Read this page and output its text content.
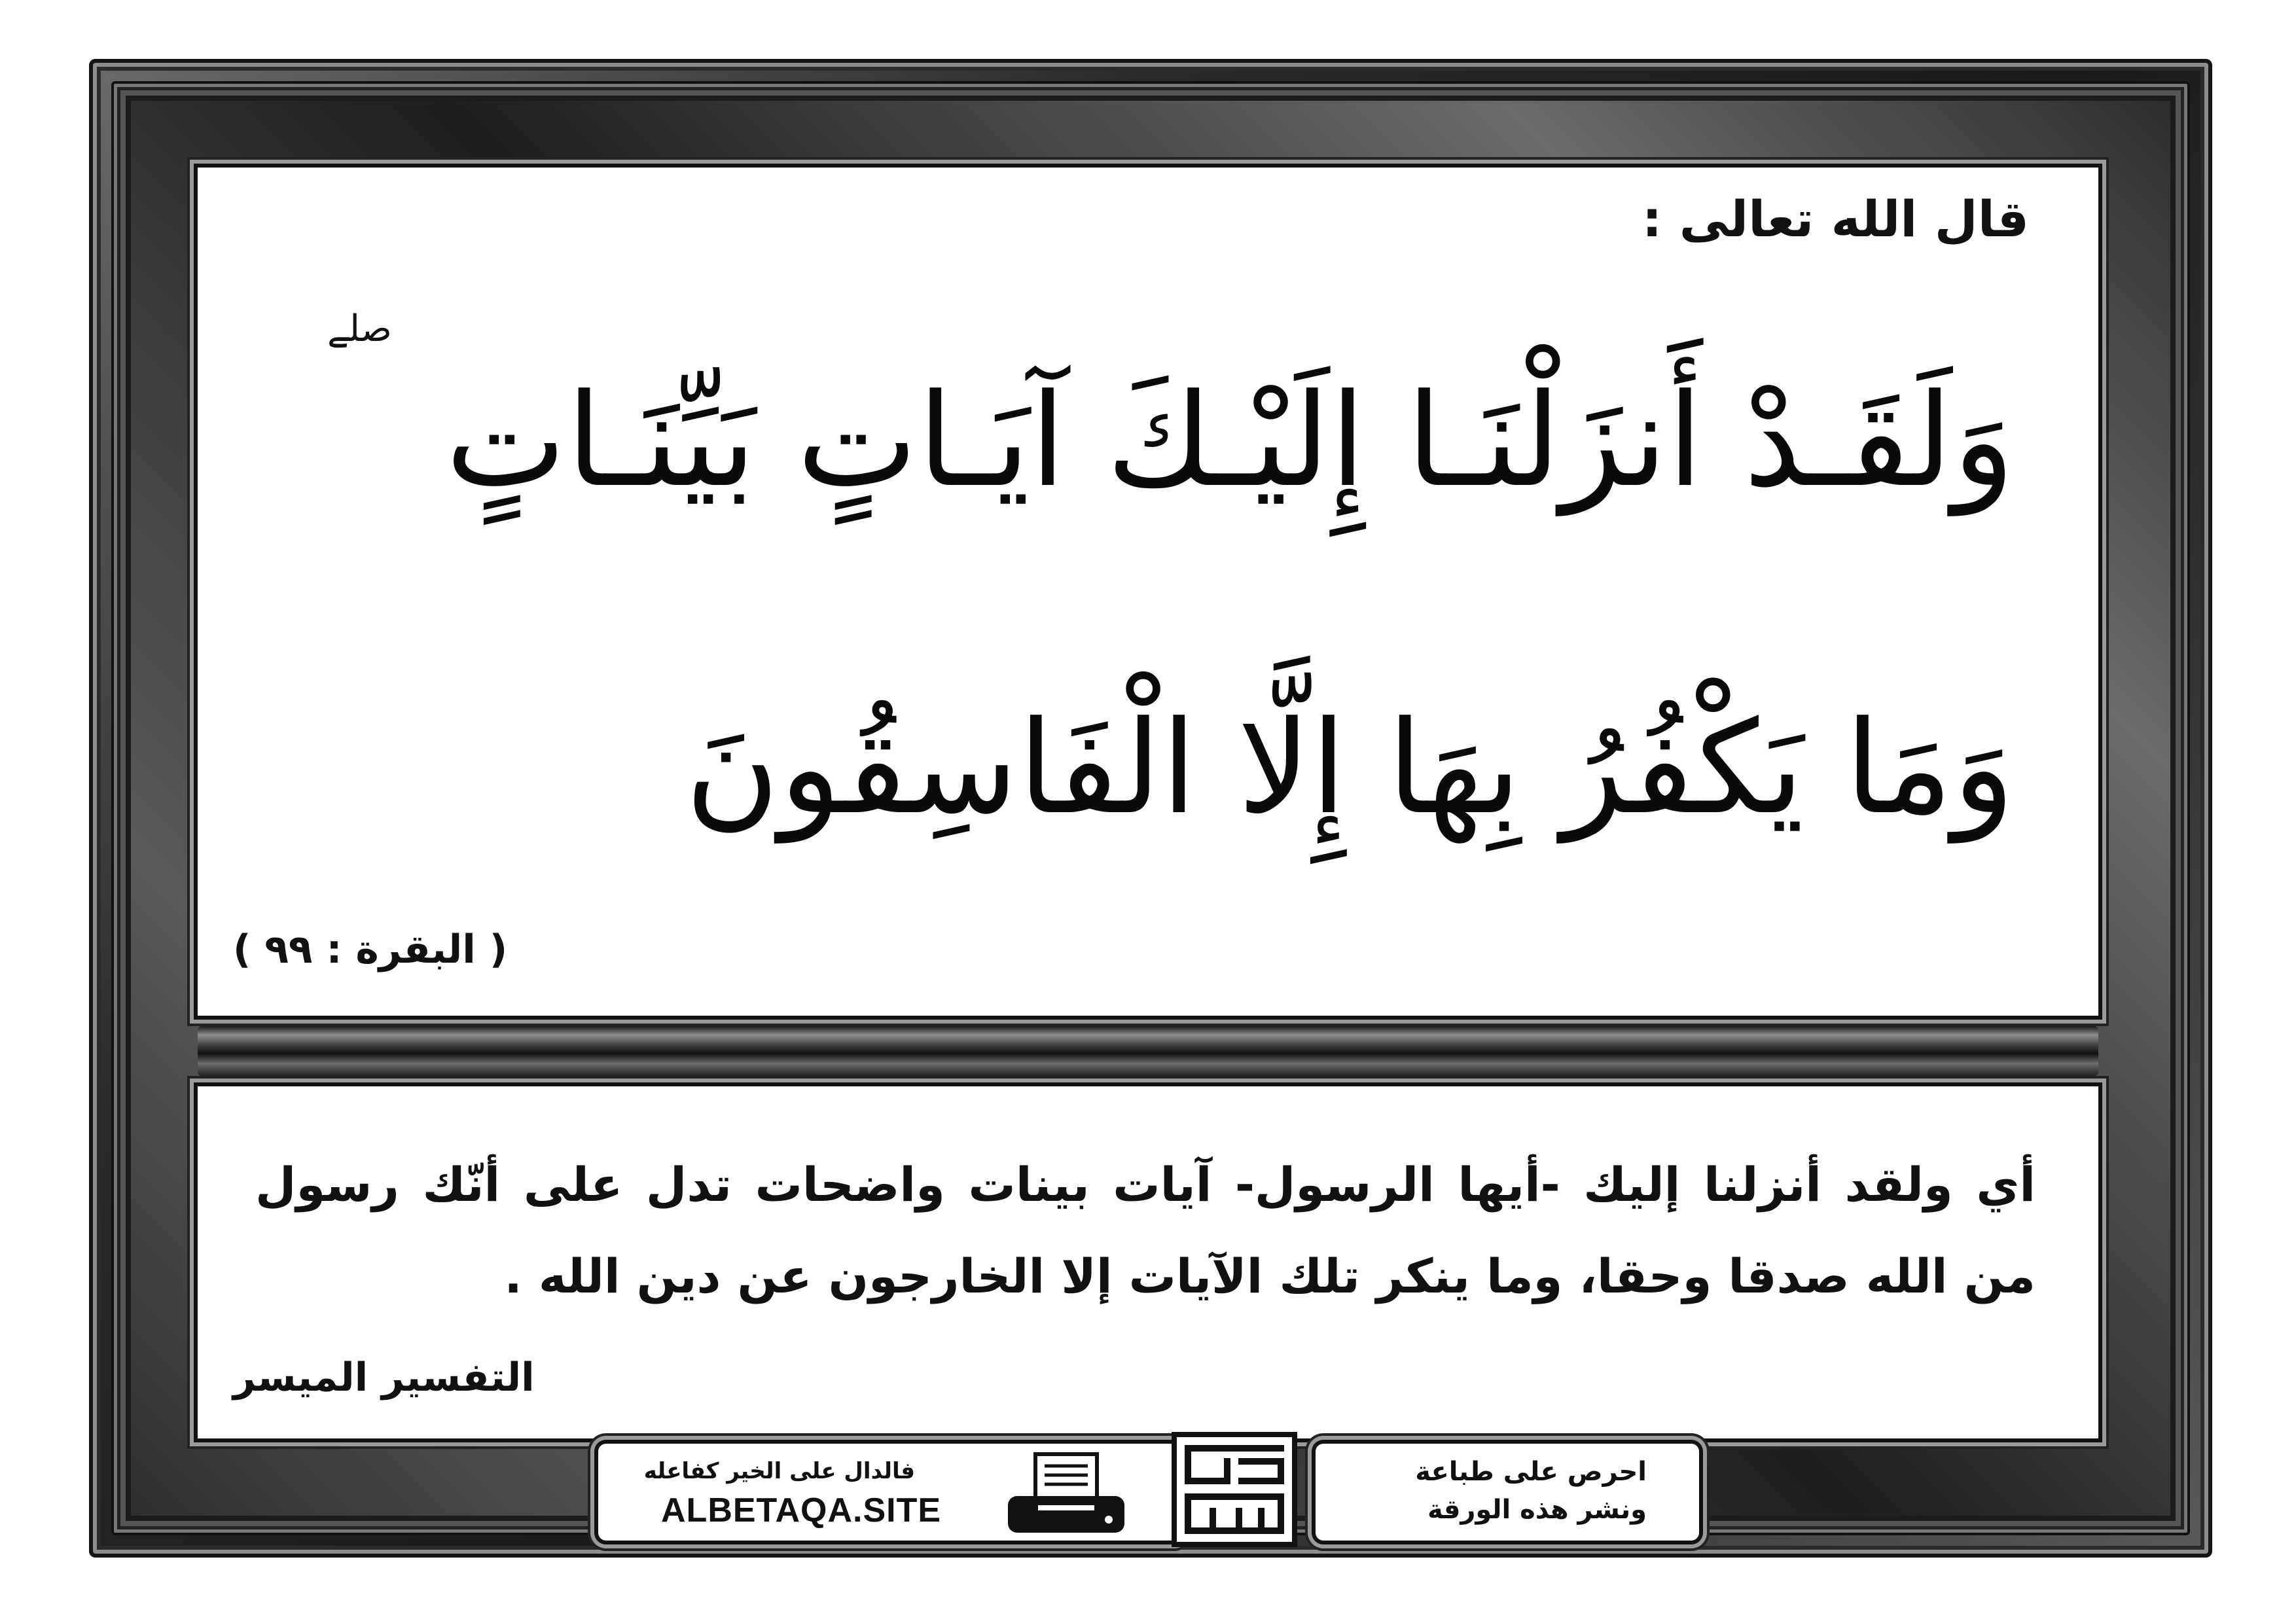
قال الله تعالى :
صلے
وَلَقَـدْ أَنزَلْنَـا إِلَيْـكَ آيَـاتٍ بَيِّنَـاتٍ
وَمَا يَكْفُرُ بِهَا إِلَّا الْفَاسِقُونَ
( البقرة : ٩٩ )
أي ولقد أنزلنا إليك -أيها الرسول- آيات بينات واضحات تدل على أنّك رسول من الله صدقا وحقا، وما ينكر تلك الآيات إلا الخارجون عن دين الله .
التفسير الميسر
فالدال على الخير كفاعله
ALBETAQA.SITE
احرص على طباعة
ونشر هذه الورقة
